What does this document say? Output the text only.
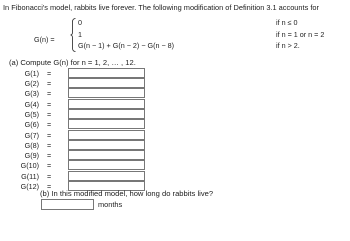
In Fibonacci's model, rabbits live forever. The following modification of Definition 3.1 accounts for
G(n) =
0	if n ≤ 0
1	if n = 1 or n = 2
G(n − 1) + G(n − 2) − G(n − 8)	if n > 2.
(a) Compute G(n) for n = 1, 2, … , 12.
G(1) =
G(2) =
G(3) =
G(4) =
G(5) =
G(6) =
G(7) =
G(8) =
G(9) =
G(10) =
G(11) =
G(12) =
(b) In this modified model, how long do rabbits live?
months
